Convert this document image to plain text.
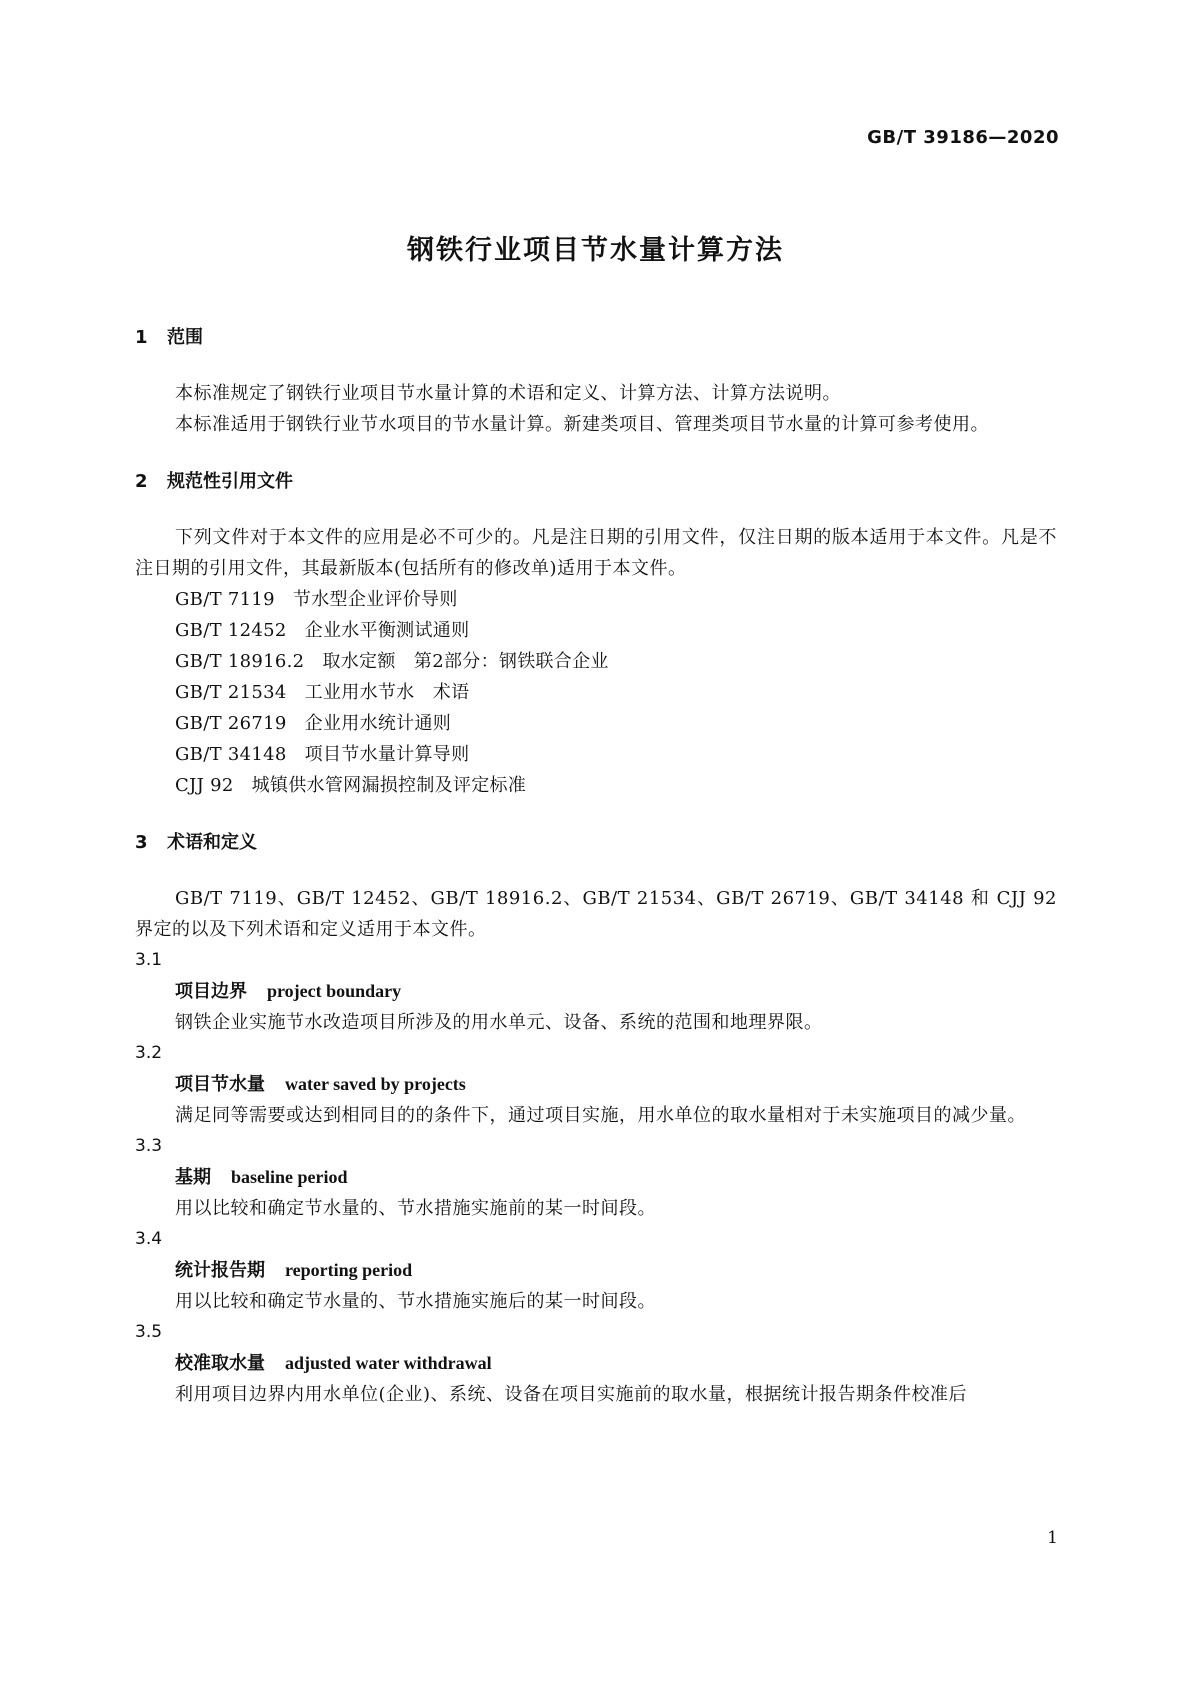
GB/T 39186—2020
钢铁行业项目节水量计算方法
1 范围

本标准规定了钢铁行业项目节水量计算的术语和定义、计算方法、计算方法说明。

本标准适用于钢铁行业节水项目的节水量计算。新建类项目、管理类项目节水量的计算可参考使用。

2 规范性引用文件

下列文件对于本文件的应用是必不可少的。凡是注日期的引用文件，仅注日期的版本适用于本文件。凡是不注日期的引用文件，其最新版本(包括所有的修改单)适用于本文件。

GB/T 7119 节水型企业评价导则

GB/T 12452 企业水平衡测试通则

GB/T 18916.2 取水定额　第2部分：钢铁联合企业

GB/T 21534 工业用水节水　术语

GB/T 26719 企业用水统计通则

GB/T 34148 项目节水量计算导则

CJJ 92 城镇供水管网漏损控制及评定标准

3 术语和定义

GB/T 7119、GB/T 12452、GB/T 18916.2、GB/T 21534、GB/T 26719、GB/T 34148 和 CJJ 92 界定的以及下列术语和定义适用于本文件。

3.1

项目边界 project boundary

钢铁企业实施节水改造项目所涉及的用水单元、设备、系统的范围和地理界限。

3.2

项目节水量 water saved by projects

满足同等需要或达到相同目的的条件下，通过项目实施，用水单位的取水量相对于未实施项目的减少量。

3.3

基期 baseline period

用以比较和确定节水量的、节水措施实施前的某一时间段。

3.4

统计报告期 reporting period

用以比较和确定节水量的、节水措施实施后的某一时间段。

3.5

校准取水量 adjusted water withdrawal

利用项目边界内用水单位(企业)、系统、设备在项目实施前的取水量，根据统计报告期条件校准后

1
